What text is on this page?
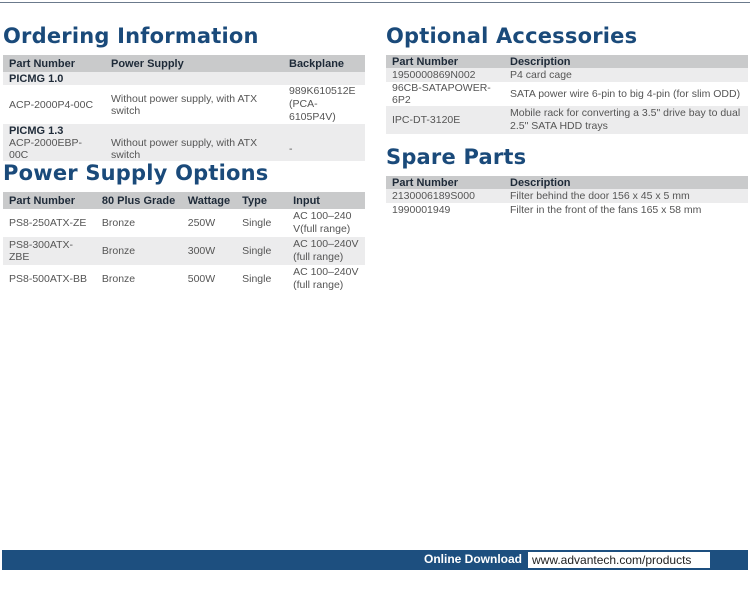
Ordering Information
Part Number	Power Supply	Backplane
PICMG 1.0		
ACP-2000P4-00C	Without power supply, with ATX switch	989K610512E
(PCA-6105P4V)
PICMG 1.3		
ACP-2000EBP-00C	Without power supply, with ATX switch	-
Power Supply Options
Part Number	80 Plus Grade	Wattage	Type	Input
PS8-250ATX-ZE	Bronze	250W	Single	AC 100–240
V(full range)
PS8-300ATX-ZBE	Bronze	300W	Single	AC 100–240V
(full range)
PS8-500ATX-BB	Bronze	500W	Single	AC 100–240V
(full range)
Optional Accessories
Part Number	Description
1950000869N002	P4 card cage
96CB-SATAPOWER-6P2	SATA power wire 6-pin to big 4-pin (for slim ODD)
IPC-DT-3120E	Mobile rack for converting a 3.5" drive bay to dual
2.5" SATA HDD trays
Spare Parts
Part Number	Description
2130006189S000	Filter behind the door 156 x 45 x 5 mm
1990001949	Filter in the front of the fans 165 x 58 mm
Online Download www.advantech.com/products
